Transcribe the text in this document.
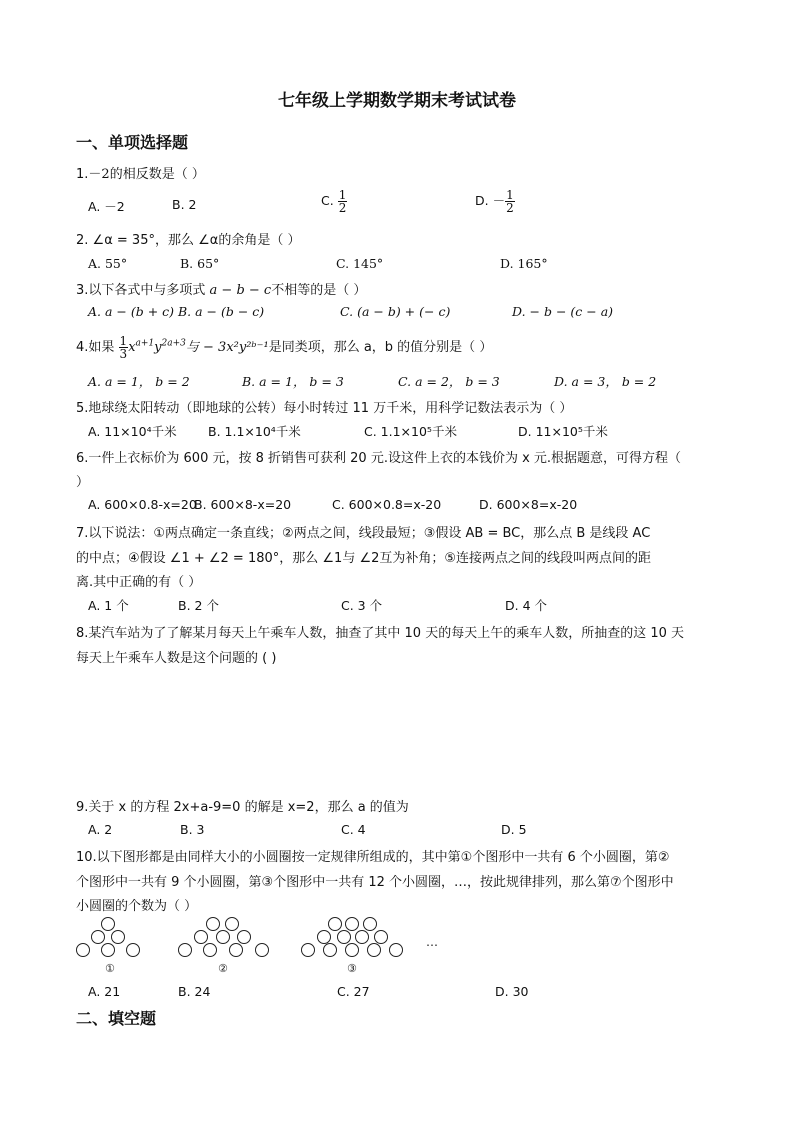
七年级上学期数学期末考试试卷
一、单项选择题
1.－2的相反数是（ ）
A. －2	B. 2	C. $\frac{1}{2}$	D. － $\frac{1}{2}$
2. ∠α = 35°，那么 ∠α的余角是（ ）
A. 55°	B. 65°	C. 145°	D. 165°
3.以下各式中与多项式 a − b − c不相等的是（ ）
A. a − (b + c) B. a − (b − c)	C. (a − b) + (− c)	D. − b − (c − a)
4.如果 $\frac{1}{3} x^{a+1}y^{2a+3}$与 − 3x²y²ᵇ⁻¹是同类项，那么 a，b 的值分别是（ ）
A. a = 1， b = 2	B. a = 1， b = 3	C. a = 2， b = 3	D. a = 3， b = 2
5.地球绕太阳转动（即地球的公转）每小时转过 11 万千米，用科学记数法表示为（ ）
A. 11×10⁴千米	B. 1.1×10⁴千米	C. 1.1×10⁵千米	D. 11×10⁵千米
6.一件上衣标价为 600 元，按 8 折销售可获利 20 元.设这件上衣的本钱价为 x 元.根据题意，可得方程（
）
A. 600×0.8-x=20
B. 600×8-x=20	C. 600×0.8=x-20	D. 600×8=x-20
7.以下说法：①两点确定一条直线；②两点之间，线段最短；③假设 AB = BC，那么点 B 是线段 AC
的中点；④假设 ∠1 + ∠2 = 180°，那么 ∠1与 ∠2互为补角；⑤连接两点之间的线段叫两点间的距
离.其中正确的有（ ）
A. 1 个	B. 2 个	C. 3 个	D. 4 个
8.某汽车站为了了解某月每天上午乘车人数，抽查了其中 10 天的每天上午的乘车人数，所抽查的这 10 天
每天上午乘车人数是这个问题的 ( )
9.关于 x 的方程 2x+a-9=0 的解是 x=2，那么 a 的值为
A. 2	B. 3	C. 4	D. 5
10.以下图形都是由同样大小的小圆圈按一定规律所组成的，其中第①个图形中一共有 6 个小圆圈，第②
个图形中一共有 9 个小圆圈，第③个图形中一共有 12 个小圆圈，…，按此规律排列，那么第⑦个图形中
小圆圈的个数为（ ）
①	②	③
…
A. 21	B. 24	C. 27	D. 30
二、填空题
